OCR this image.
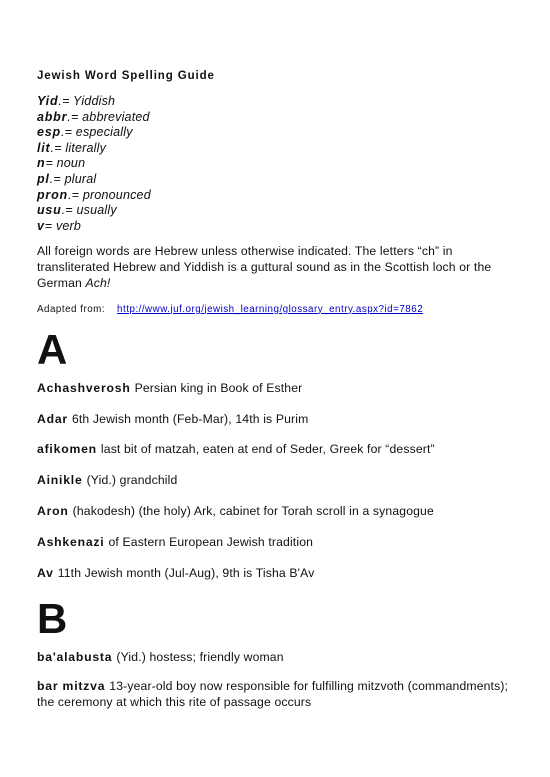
Jewish Word Spelling Guide
Yid.= Yiddish
abbr.= abbreviated
esp.= especially
lit.= literally
n= noun
pl.= plural
pron.= pronounced
usu.= usually
v= verb

All foreign words are Hebrew unless otherwise indicated. The letters “ch” in transliterated Hebrew and Yiddish is a guttural sound as in the Scottish loch or the German Ach!

Adapted from: http://www.juf.org/jewish_learning/glossary_entry.aspx?id=7862
A
Achashverosh Persian king in Book of Esther
Adar 6th Jewish month (Feb-Mar), 14th is Purim
afikomen last bit of matzah, eaten at end of Seder, Greek for “dessert”
Ainikle (Yid.) grandchild
Aron (hakodesh) (the holy) Ark, cabinet for Torah scroll in a synagogue
Ashkenazi of Eastern European Jewish tradition
Av 11th Jewish month (Jul-Aug), 9th is Tisha B'Av
B
ba'alabusta (Yid.) hostess; friendly woman
bar mitzva 13-year-old boy now responsible for fulfilling mitzvoth (commandments); the ceremony at which this rite of passage occurs
